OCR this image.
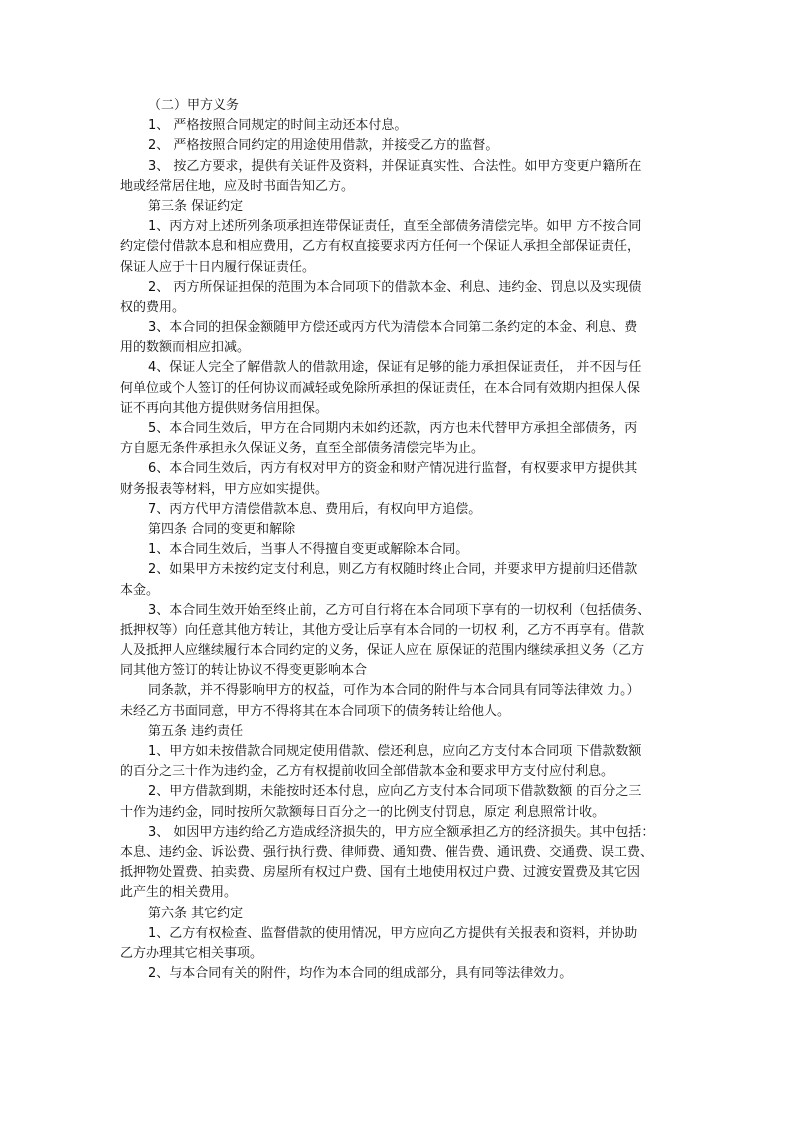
（二）甲方义务
1、 严格按照合同规定的时间主动还本付息。
2、 严格按照合同约定的用途使用借款，并接受乙方的监督。
3、 按乙方要求，提供有关证件及资料，并保证真实性、合法性。如甲方变更户籍所在
地或经常居住地，应及时书面告知乙方。
第三条 保证约定
1、丙方对上述所列条项承担连带保证责任，直至全部债务清偿完毕。如甲 方不按合同
约定偿付借款本息和相应费用，乙方有权直接要求丙方任何一个保证人承担全部保证责任，
保证人应于十日内履行保证责任。
2、 丙方所保证担保的范围为本合同项下的借款本金、利息、违约金、罚息以及实现债
权的费用。
3、本合同的担保金额随甲方偿还或丙方代为清偿本合同第二条约定的本金、利息、费
用的数额而相应扣减。
4、保证人完全了解借款人的借款用途，保证有足够的能力承担保证责任， 并不因与任
何单位或个人签订的任何协议而减轻或免除所承担的保证责任，在本合同有效期内担保人保
证不再向其他方提供财务信用担保。
5、本合同生效后，甲方在合同期内未如约还款，丙方也未代替甲方承担全部债务，丙
方自愿无条件承担永久保证义务，直至全部债务清偿完毕为止。
6、本合同生效后，丙方有权对甲方的资金和财产情况进行监督，有权要求甲方提供其
财务报表等材料，甲方应如实提供。
7、丙方代甲方清偿借款本息、费用后，有权向甲方追偿。
第四条 合同的变更和解除
1、本合同生效后，当事人不得擅自变更或解除本合同。
2、如果甲方未按约定支付利息，则乙方有权随时终止合同，并要求甲方提前归还借款
本金。
3、本合同生效开始至终止前，乙方可自行将在本合同项下享有的一切权利（包括债务、
抵押权等）向任意其他方转让，其他方受让后享有本合同的一切权 利，乙方不再享有。借款
人及抵押人应继续履行本合同约定的义务，保证人应在 原保证的范围内继续承担义务（乙方
同其他方签订的转让协议不得变更影响本合
同条款，并不得影响甲方的权益，可作为本合同的附件与本合同具有同等法律效 力。）
未经乙方书面同意，甲方不得将其在本合同项下的债务转让给他人。
第五条 违约责任
1、甲方如未按借款合同规定使用借款、偿还利息，应向乙方支付本合同项 下借款数额
的百分之三十作为违约金，乙方有权提前收回全部借款本金和要求甲方支付应付利息。
2、甲方借款到期，未能按时还本付息，应向乙方支付本合同项下借款数额 的百分之三
十作为违约金，同时按所欠款额每日百分之一的比例支付罚息，原定 利息照常计收。
3、 如因甲方违约给乙方造成经济损失的，甲方应全额承担乙方的经济损失。其中包括：
本息、违约金、诉讼费、强行执行费、律师费、通知费、催告费、通讯费、交通费、误工费、
抵押物处置费、拍卖费、房屋所有权过户费、国有土地使用权过户费、过渡安置费及其它因
此产生的相关费用。
第六条 其它约定
1、乙方有权检查、监督借款的使用情况，甲方应向乙方提供有关报表和资料，并协助
乙方办理其它相关事项。
2、与本合同有关的附件，均作为本合同的组成部分，具有同等法律效力。
